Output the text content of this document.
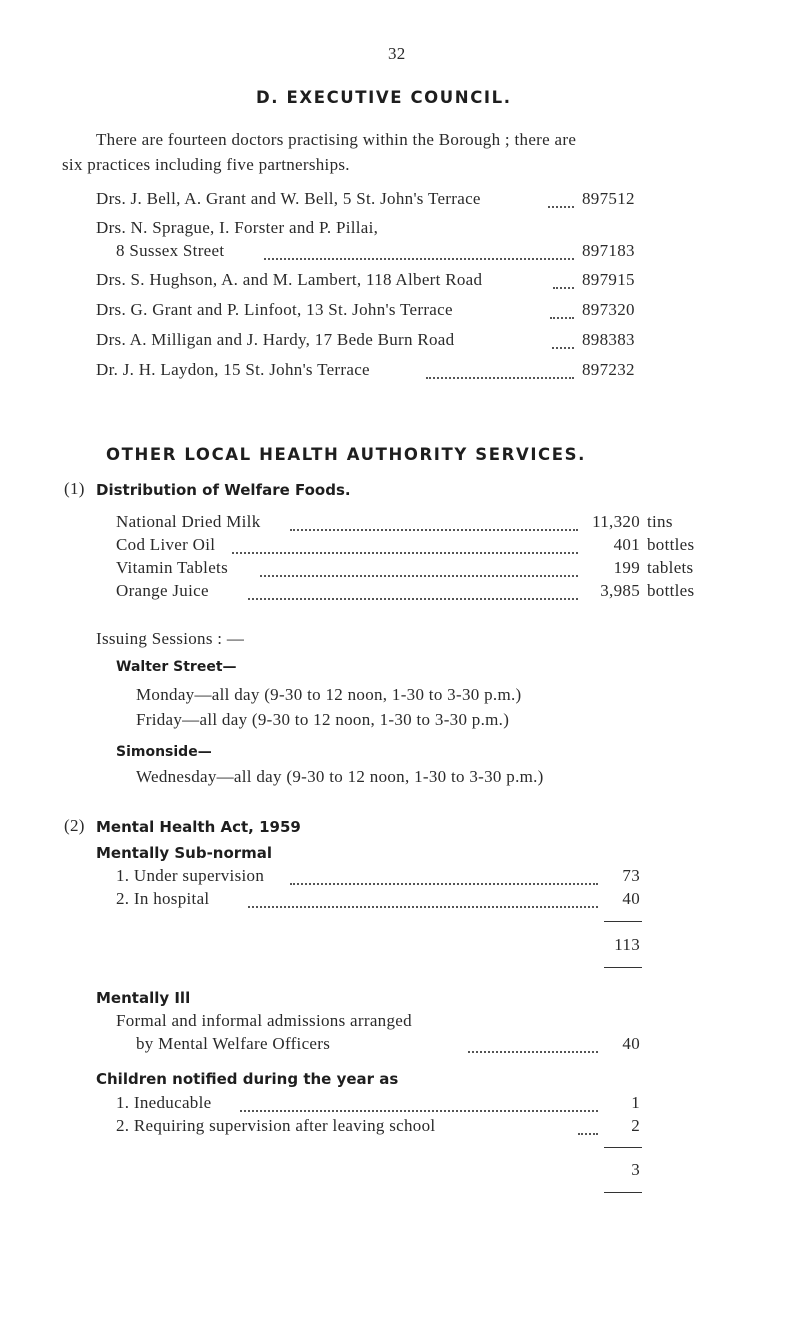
32
D. EXECUTIVE COUNCIL.
There are fourteen doctors practising within the Borough ; there are
six practices including five partnerships.
Drs. J. Bell, A. Grant and W. Bell, 5 St. John's Terrace	897512
Drs. N. Sprague, I. Forster and P. Pillai,
8 Sussex Street	897183
Drs. S. Hughson, A. and M. Lambert, 118 Albert Road	897915
Drs. G. Grant and P. Linfoot, 13 St. John's Terrace	897320
Drs. A. Milligan and J. Hardy, 17 Bede Burn Road	898383
Dr. J. H. Laydon, 15 St. John's Terrace	897232
OTHER LOCAL HEALTH AUTHORITY SERVICES.
(1) Distribution of Welfare Foods.
National Dried Milk	11,320 tins
Cod Liver Oil	401 bottles
Vitamin Tablets	199 tablets
Orange Juice	3,985 bottles
Issuing Sessions : —
Walter Street—
Monday—all day (9-30 to 12 noon, 1-30 to 3-30 p.m.)
Friday—all day (9-30 to 12 noon, 1-30 to 3-30 p.m.)
Simonside—
Wednesday—all day (9-30 to 12 noon, 1-30 to 3-30 p.m.)
(2) Mental Health Act, 1959
Mentally Sub-normal
1. Under supervision	73
2. In hospital	40
113
Mentally Ill
Formal and informal admissions arranged
by Mental Welfare Officers	40
Children notified during the year as
1. Ineducable	1
2. Requiring supervision after leaving school	2
3
